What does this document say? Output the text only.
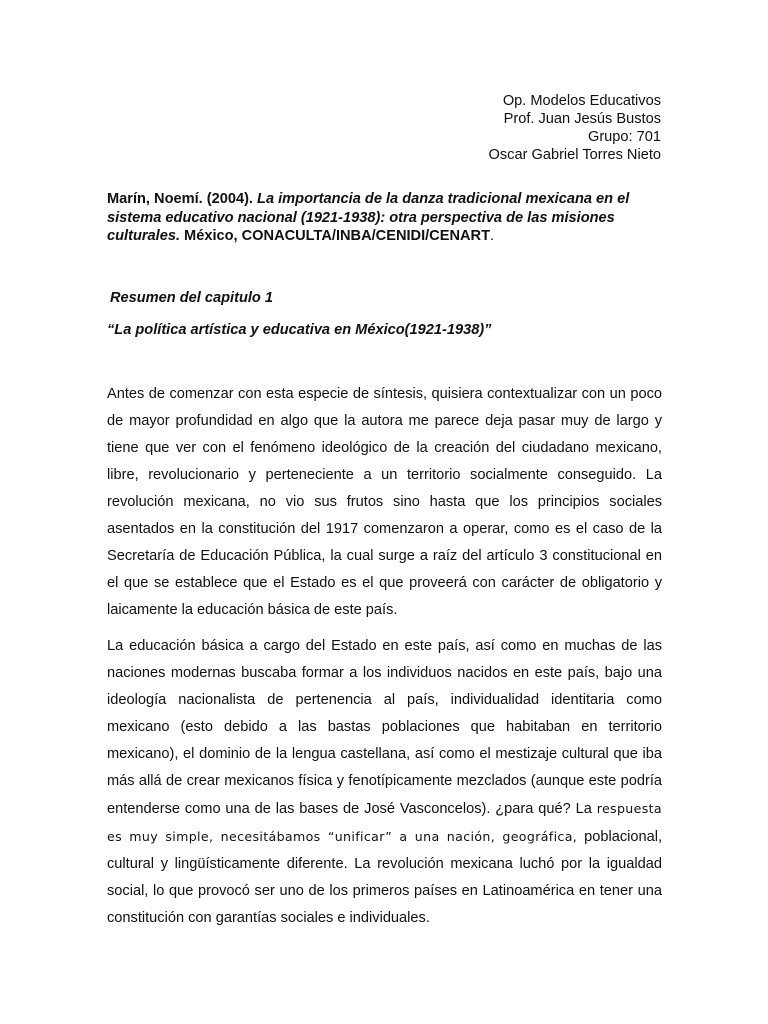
Op. Modelos Educativos
Prof. Juan Jesús Bustos
Grupo: 701
Oscar Gabriel Torres Nieto
Marín, Noemí. (2004). La importancia de la danza tradicional mexicana en el sistema educativo nacional (1921-1938): otra perspectiva de las misiones culturales. México, CONACULTA/INBA/CENIDI/CENART.
Resumen del capitulo 1
“La política artística y educativa en México(1921-1938)”

Antes de comenzar con esta especie de síntesis, quisiera contextualizar con un poco de mayor profundidad en algo que la autora me parece deja pasar muy de largo y tiene que ver con el fenómeno ideológico de la creación del ciudadano mexicano, libre, revolucionario y perteneciente a un territorio socialmente conseguido. La revolución mexicana, no vio sus frutos sino hasta que los principios sociales asentados en la constitución del 1917 comenzaron a operar, como es el caso de la Secretaría de Educación Pública, la cual surge a raíz del artículo 3 constitucional en el que se establece que el Estado es el que proveerá con carácter de obligatorio y laicamente la educación básica de este país.

La educación básica a cargo del Estado en este país, así como en muchas de las naciones modernas buscaba formar a los individuos nacidos en este país, bajo una ideología nacionalista de pertenencia al país, individualidad identitaria como mexicano (esto debido a las bastas poblaciones que habitaban en territorio mexicano), el dominio de la lengua castellana, así como el mestizaje cultural que iba más allá de crear mexicanos física y fenotípicamente mezclados (aunque este podría entenderse como una de las bases de José Vasconcelos). ¿para qué? La respuesta es muy simple, necesitábamos “unificar” a una nación, geográfica, poblacional, cultural y lingüísticamente diferente. La revolución mexicana luchó por la igualdad social, lo que provocó ser uno de los primeros países en Latinoamérica en tener una constitución con garantías sociales e individuales.
